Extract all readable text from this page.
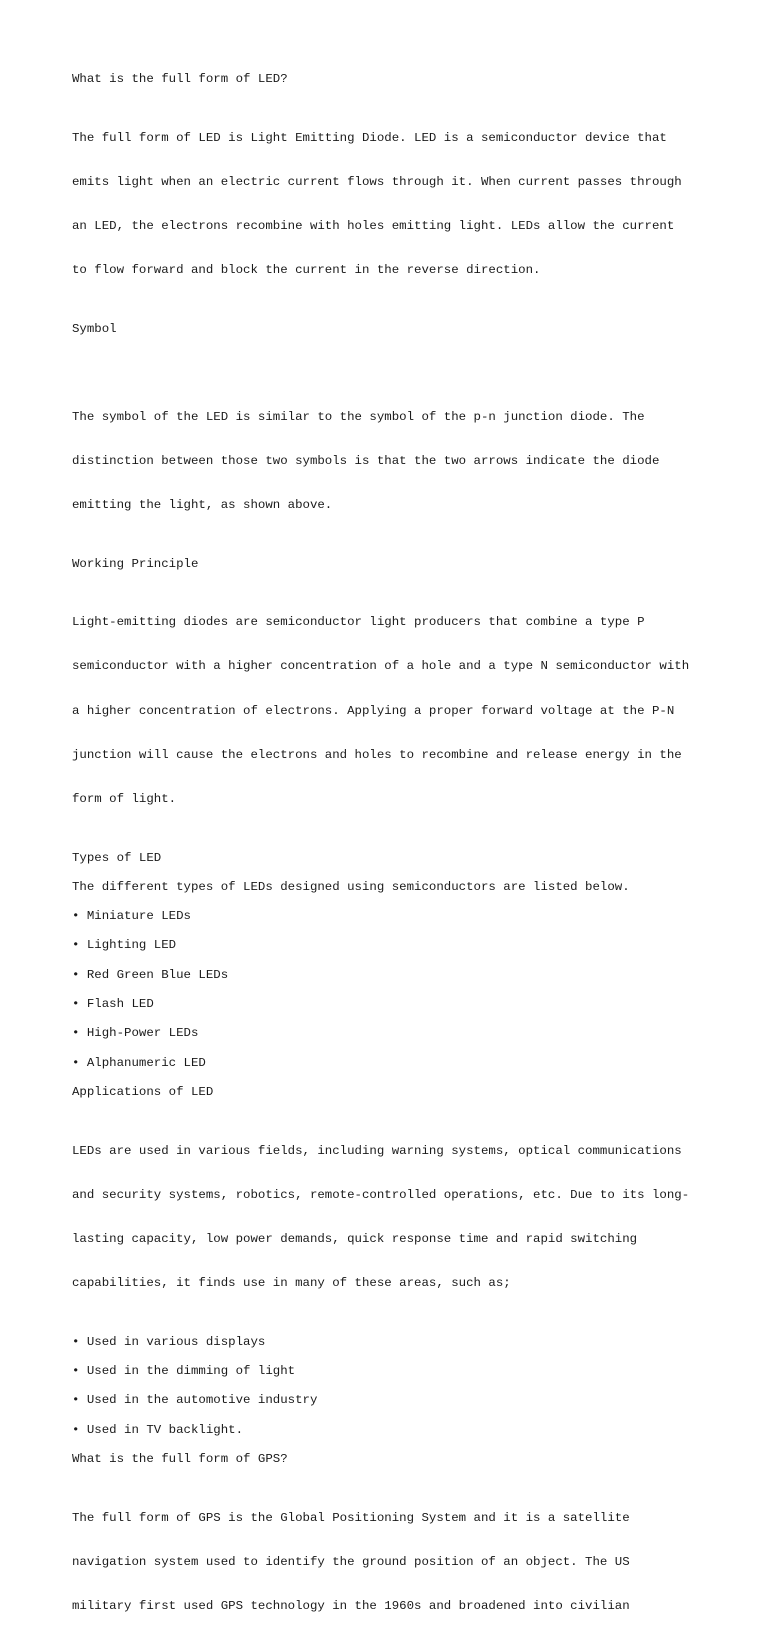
What is the full form of LED?

The full form of LED is Light Emitting Diode. LED is a semiconductor device that

emits light when an electric current flows through it. When current passes through

an LED, the electrons recombine with holes emitting light. LEDs allow the current

to flow forward and block the current in the reverse direction.

Symbol

The symbol of the LED is similar to the symbol of the p-n junction diode. The

distinction between those two symbols is that the two arrows indicate the diode

emitting the light, as shown above.

Working Principle

Light-emitting diodes are semiconductor light producers that combine a type P

semiconductor with a higher concentration of a hole and a type N semiconductor with

a higher concentration of electrons. Applying a proper forward voltage at the P-N

junction will cause the electrons and holes to recombine and release energy in the

form of light.

Types of LED

The different types of LEDs designed using semiconductors are listed below.

• Miniature LEDs

• Lighting LED

• Red Green Blue LEDs

• Flash LED

• High-Power LEDs

• Alphanumeric LED

Applications of LED

LEDs are used in various fields, including warning systems, optical communications

and security systems, robotics, remote-controlled operations, etc. Due to its long-

lasting capacity, low power demands, quick response time and rapid switching

capabilities, it finds use in many of these areas, such as;

• Used in various displays

• Used in the dimming of light

• Used in the automotive industry

• Used in TV backlight.

What is the full form of GPS?

The full form of GPS is the Global Positioning System and it is a satellite

navigation system used to identify the ground position of an object. The US

military first used GPS technology in the 1960s and broadened into civilian
